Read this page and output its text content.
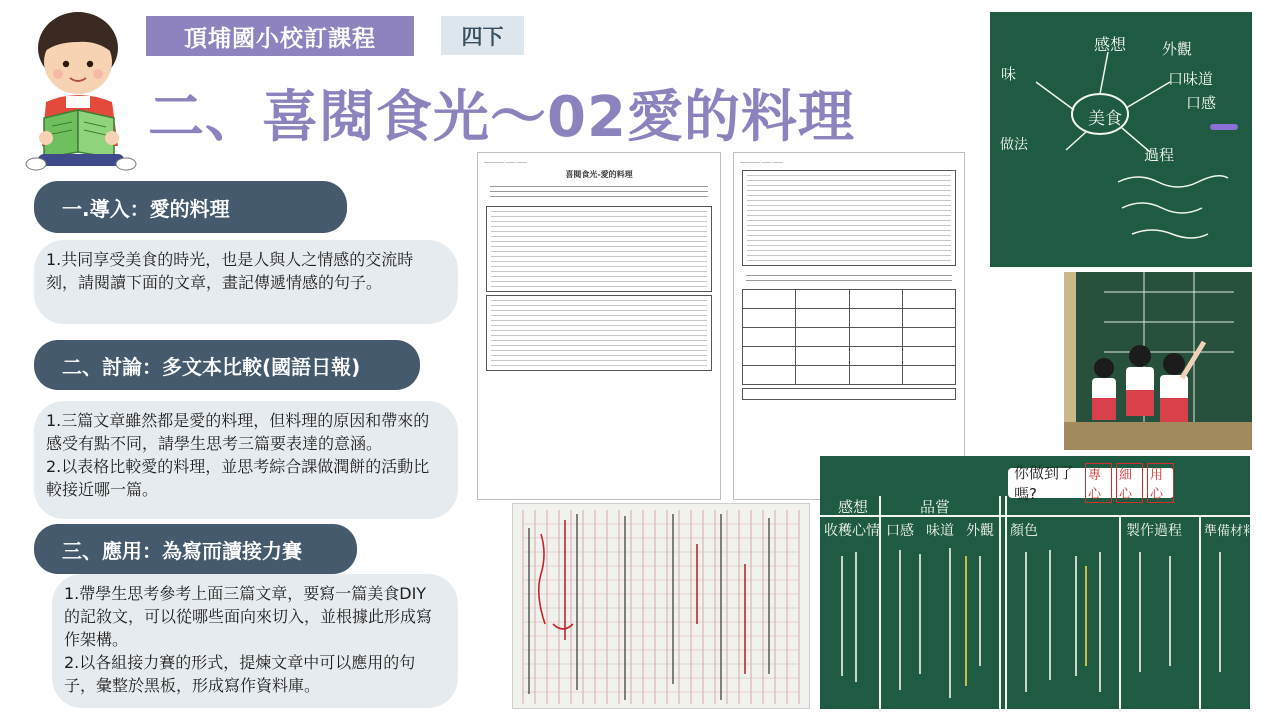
頂埔國小校訂課程	四下
二、喜閱食光～02愛的料理
一.導入：愛的料理

1.共同享受美食的時光，也是人與人之情感的交流時刻，請閱讀下面的文章，畫記傳遞情感的句子。

二、討論：多文本比較(國語日報)

1.三篇文章雖然都是愛的料理，但料理的原因和帶來的感受有點不同，請學生思考三篇要表達的意涵。

2.以表格比較愛的料理，並思考綜合課做潤餅的活動比較接近哪一篇。

三、應用：為寫而讀接力賽

1.帶學生思考參考上面三篇文章，要寫一篇美食DIY的記敘文，可以從哪些面向來切入，並根據此形成寫作架構。

2.以各組接力賽的形式，提煉文章中可以應用的句子，彙整於黑板，形成寫作資料庫。

________ ____ ____
喜閱食光-愛的料理
________ ____ ____

美食
感想 外觀
口味道
口感
味
過程
做法
你做到了嗎?
專心
細心
用心
感想	品嘗
收穫心情 口感 味道 外觀 顏色	製作過程 準備材料
